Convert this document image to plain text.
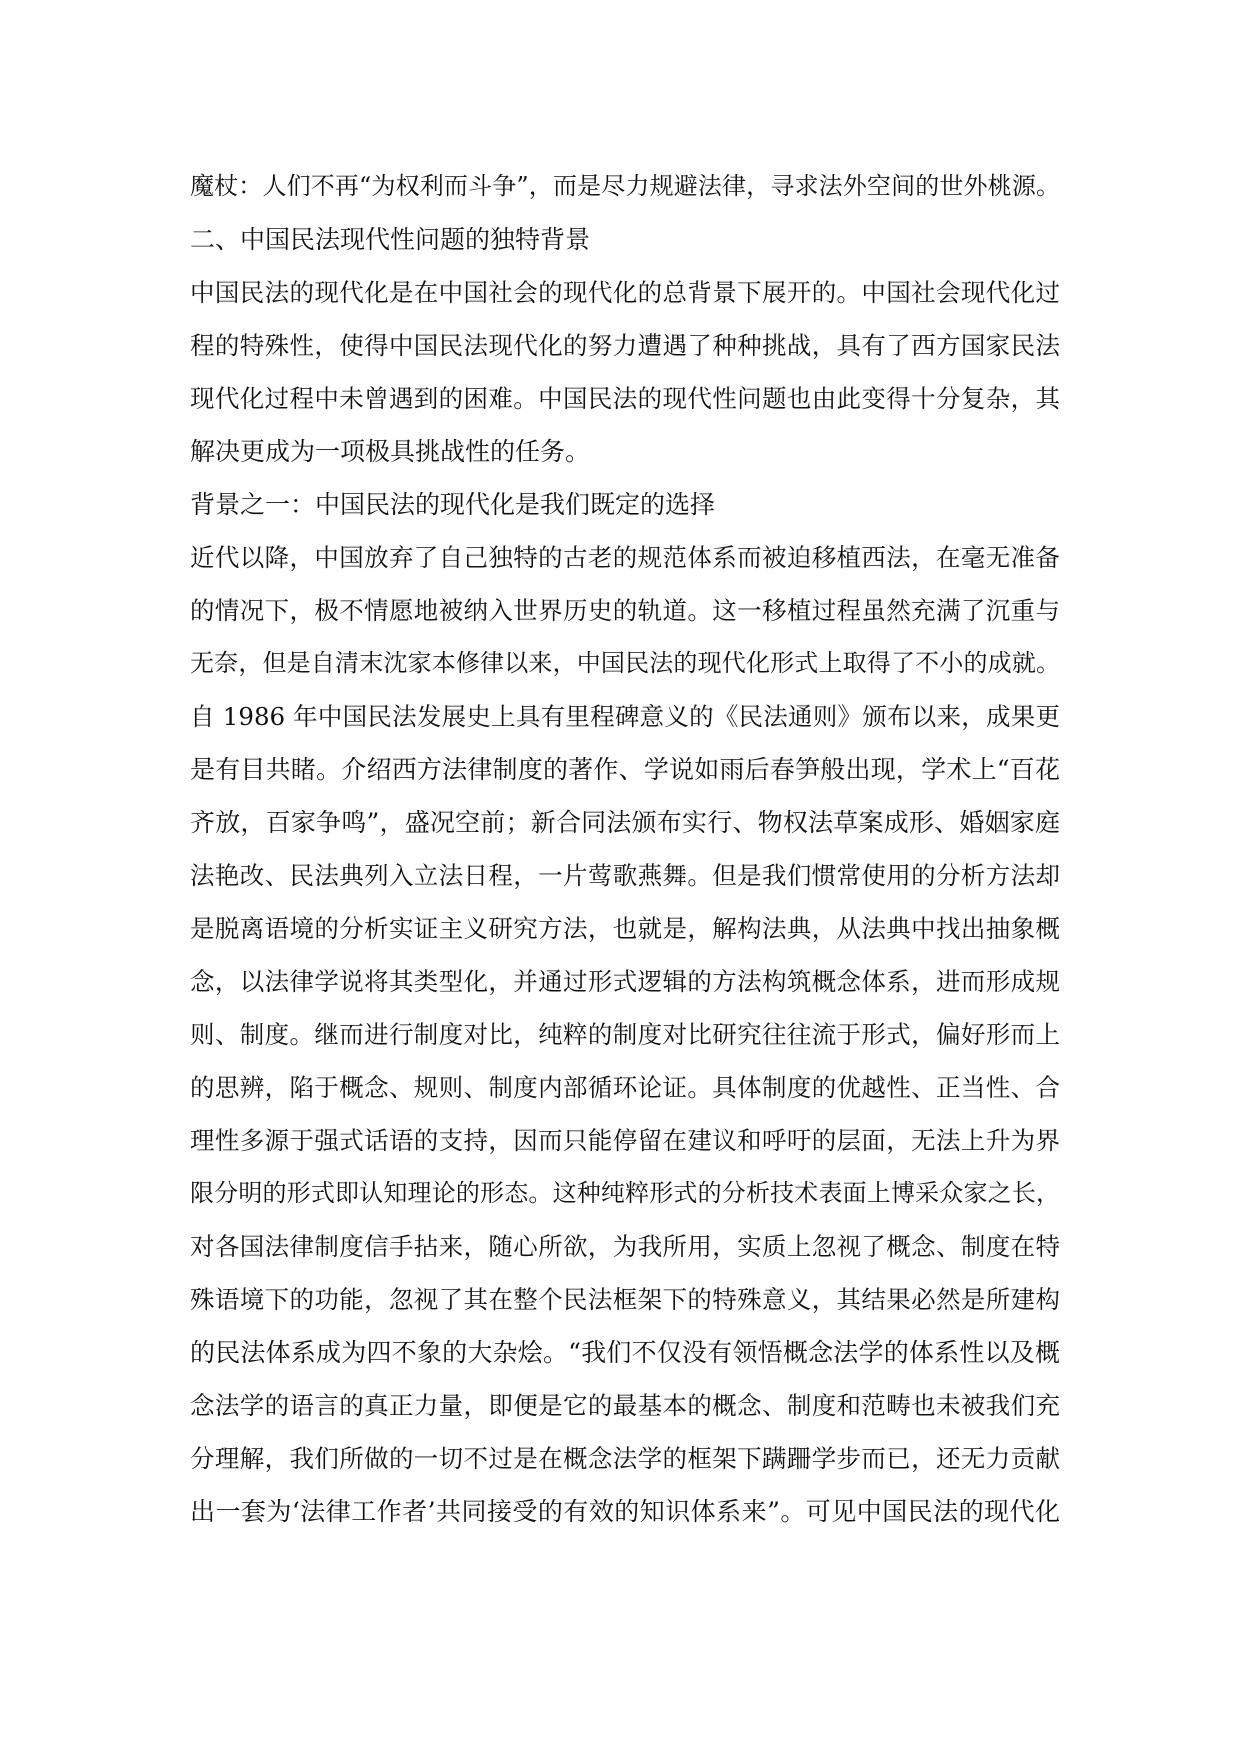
魔杖：人们不再“为权利而斗争”，而是尽力规避法律，寻求法外空间的世外桃源。
二、中国民法现代性问题的独特背景
中国民法的现代化是在中国社会的现代化的总背景下展开的。中国社会现代化过
程的特殊性，使得中国民法现代化的努力遭遇了种种挑战，具有了西方国家民法
现代化过程中未曾遇到的困难。中国民法的现代性问题也由此变得十分复杂，其
解决更成为一项极具挑战性的任务。
背景之一：中国民法的现代化是我们既定的选择
近代以降，中国放弃了自己独特的古老的规范体系而被迫移植西法，在毫无准备
的情况下，极不情愿地被纳入世界历史的轨道。这一移植过程虽然充满了沉重与
无奈，但是自清末沈家本修律以来，中国民法的现代化形式上取得了不小的成就。
自 1986 年中国民法发展史上具有里程碑意义的《民法通则》颁布以来，成果更
是有目共睹。介绍西方法律制度的著作、学说如雨后春笋般出现，学术上“百花
齐放，百家争鸣”，盛况空前；新合同法颁布实行、物权法草案成形、婚姻家庭
法艳改、民法典列入立法日程，一片莺歌燕舞。但是我们惯常使用的分析方法却
是脱离语境的分析实证主义研究方法，也就是，解构法典，从法典中找出抽象概
念，以法律学说将其类型化，并通过形式逻辑的方法构筑概念体系，进而形成规
则、制度。继而进行制度对比，纯粹的制度对比研究往往流于形式，偏好形而上
的思辨，陷于概念、规则、制度内部循环论证。具体制度的优越性、正当性、合
理性多源于强式话语的支持，因而只能停留在建议和呼吁的层面，无法上升为界
限分明的形式即认知理论的形态。这种纯粹形式的分析技术表面上博采众家之长，
对各国法律制度信手拈来，随心所欲，为我所用，实质上忽视了概念、制度在特
殊语境下的功能，忽视了其在整个民法框架下的特殊意义，其结果必然是所建构
的民法体系成为四不象的大杂烩。“我们不仅没有领悟概念法学的体系性以及概
念法学的语言的真正力量，即便是它的最基本的概念、制度和范畴也未被我们充
分理解，我们所做的一切不过是在概念法学的框架下蹒跚学步而已，还无力贡献
出一套为‘法律工作者’共同接受的有效的知识体系来”。可见中国民法的现代化
